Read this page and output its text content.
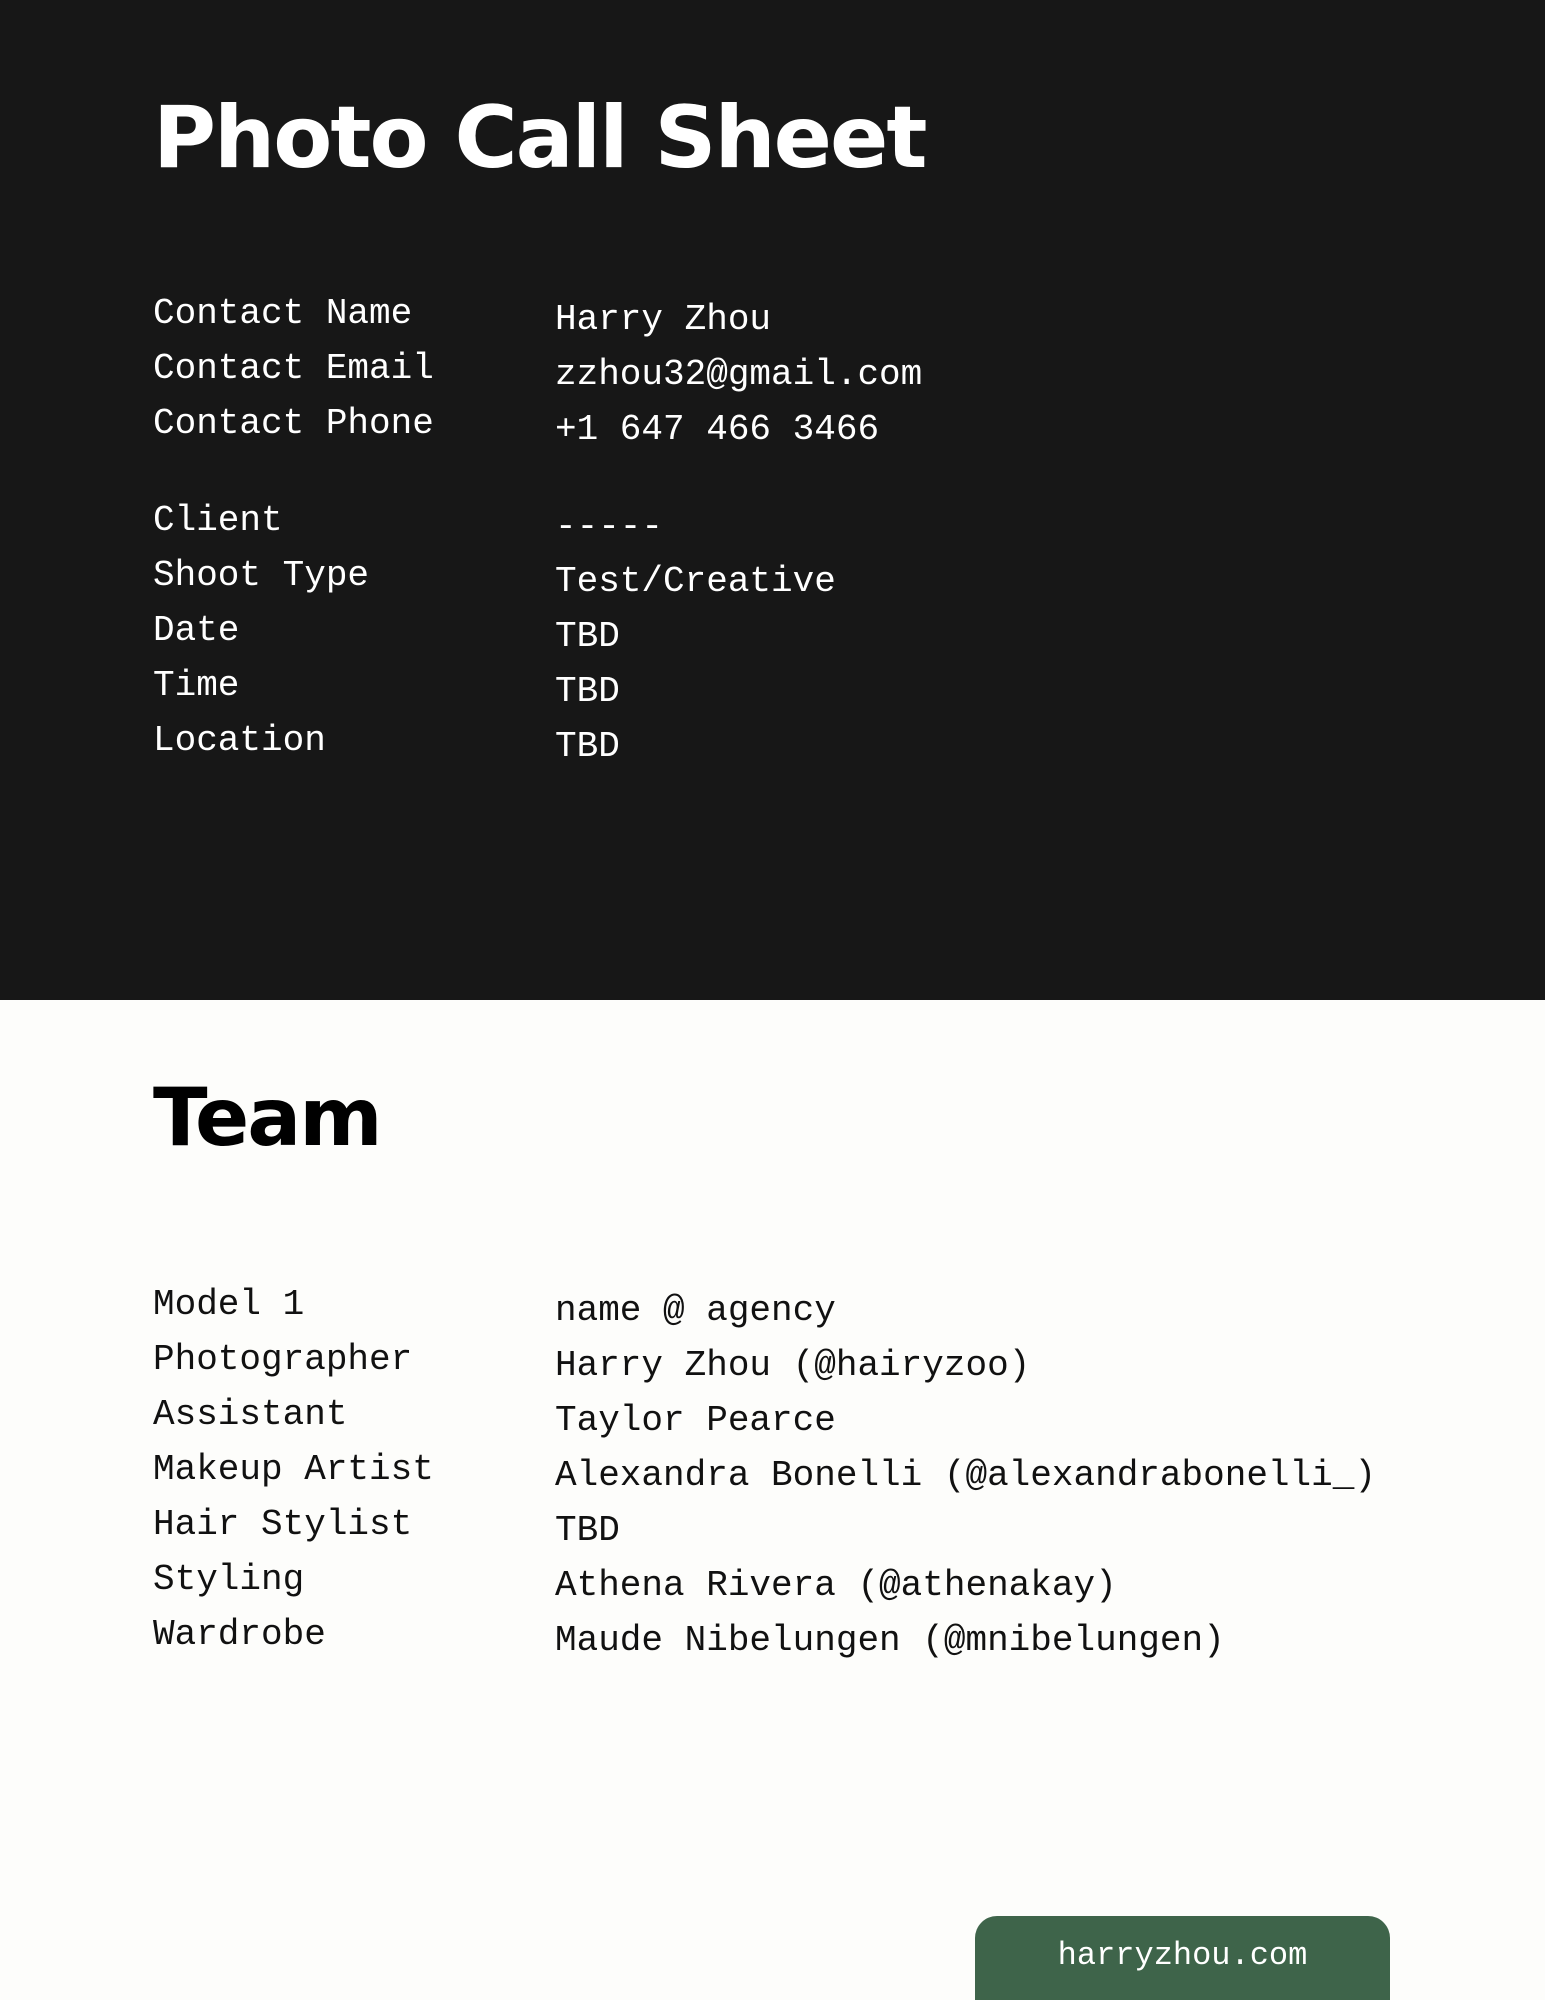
Photo Call Sheet
Contact Name	Harry Zhou
Contact Email	zzhou32@gmail.com
Contact Phone	+1 647 466 3466
Client	-----
Shoot Type	Test/Creative
Date	TBD
Time	TBD
Location	TBD
Team
Model 1	name @ agency
Photographer	Harry Zhou (@hairyzoo)
Assistant	Taylor Pearce
Makeup Artist	Alexandra Bonelli (@alexandrabonelli_)
Hair Stylist	TBD
Styling	Athena Rivera (@athenakay)
Wardrobe	Maude Nibelungen (@mnibelungen)
harryzhou.com
